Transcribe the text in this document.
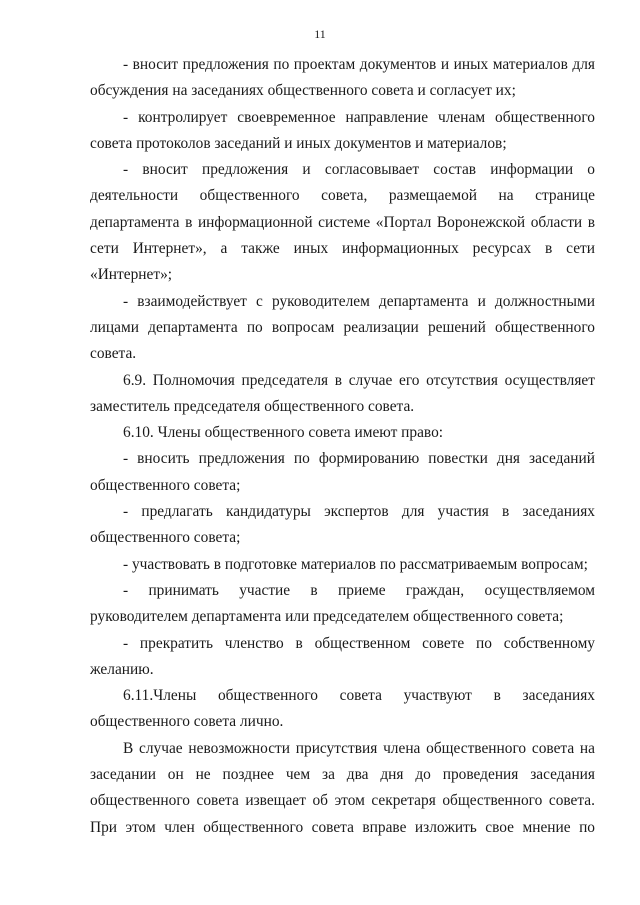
11

- вносит предложения по проектам документов и иных материалов для обсуждения на заседаниях общественного совета и согласует их;

- контролирует своевременное направление членам общественного совета протоколов заседаний и иных документов и материалов;

- вносит предложения и согласовывает состав информации о деятельности общественного совета, размещаемой на странице департамента в информационной системе «Портал Воронежской области в сети Интернет», а также иных информационных ресурсах в сети «Интернет»;

- взаимодействует с руководителем департамента и должностными лицами департамента по вопросам реализации решений общественного совета.

6.9. Полномочия председателя в случае его отсутствия осуществляет заместитель председателя общественного совета.

6.10. Члены общественного совета имеют право:

- вносить предложения по формированию повестки дня заседаний общественного совета;

- предлагать кандидатуры экспертов для участия в заседаниях общественного совета;

- участвовать в подготовке материалов по рассматриваемым вопросам;

- принимать участие в приеме граждан, осуществляемом руководителем департамента или председателем общественного совета;

- прекратить членство в общественном совете по собственному желанию.

6.11.Члены общественного совета участвуют в заседаниях общественного совета лично.

В случае невозможности присутствия члена общественного совета на заседании он не позднее чем за два дня до проведения заседания общественного совета извещает об этом секретаря общественного совета. При этом член общественного совета вправе изложить свое мнение по
